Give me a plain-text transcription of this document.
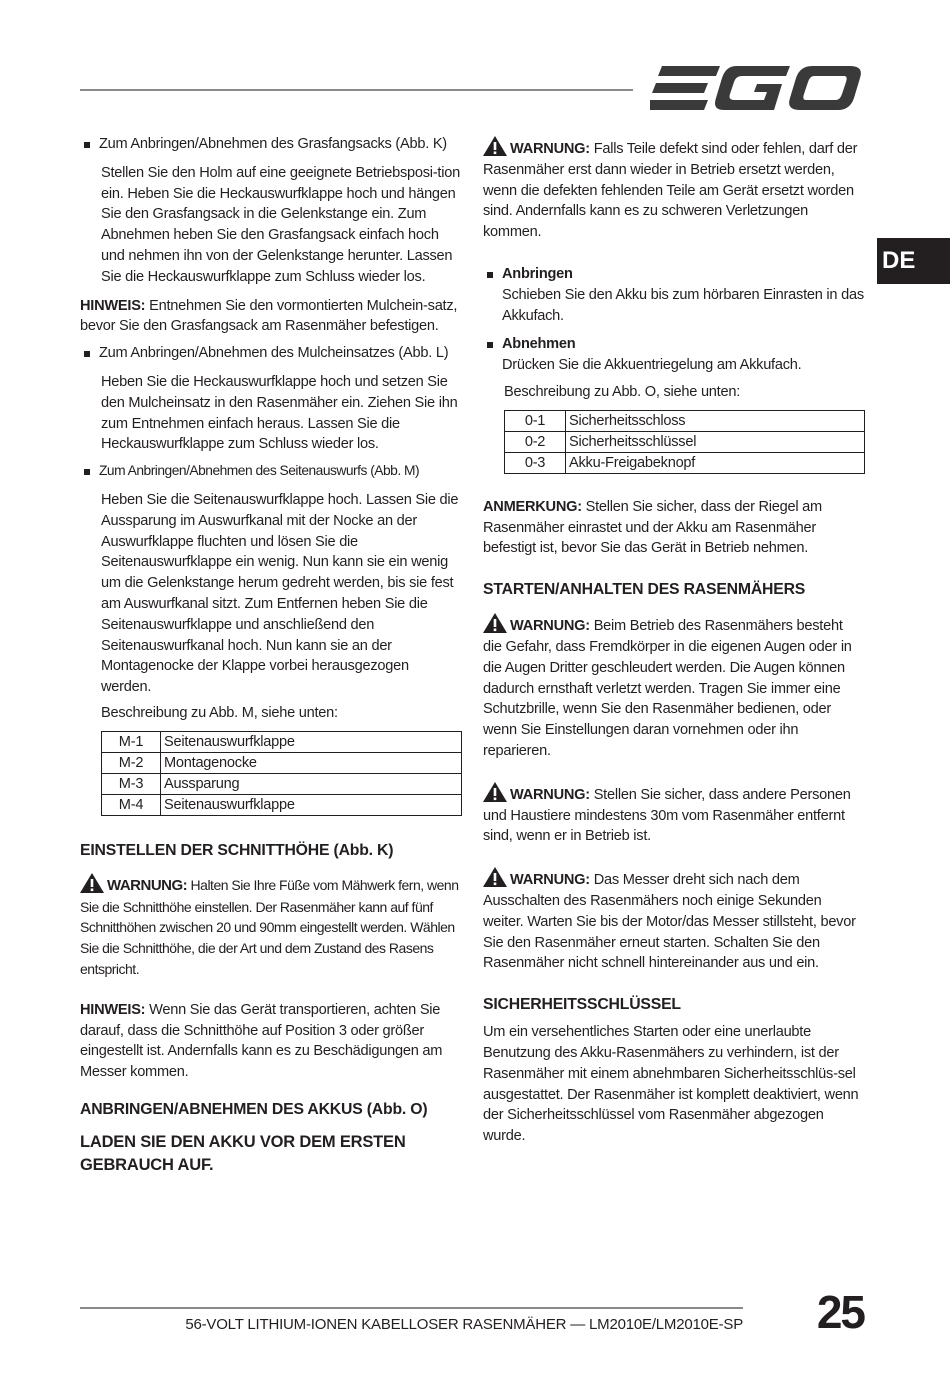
DE

Zum Anbringen/Abnehmen des Grasfangsacks (Abb. K)

Stellen Sie den Holm auf eine geeignete Betriebsposi-tion ein. Heben Sie die Heckauswurfklappe hoch und hängen Sie den Grasfangsack in die Gelenkstange ein. Zum Abnehmen heben Sie den Grasfangsack einfach hoch und nehmen ihn von der Gelenkstange herunter. Lassen Sie die Heckauswurfklappe zum Schluss wieder los.

HINWEIS: Entnehmen Sie den vormontierten Mulchein-satz, bevor Sie den Grasfangsack am Rasenmäher befestigen.

Zum Anbringen/Abnehmen des Mulcheinsatzes (Abb. L)

Heben Sie die Heckauswurfklappe hoch und setzen Sie den Mulcheinsatz in den Rasenmäher ein. Ziehen Sie ihn zum Entnehmen einfach heraus. Lassen Sie die Heckauswurfklappe zum Schluss wieder los.

Zum Anbringen/Abnehmen des Seitenauswurfs (Abb. M)

Heben Sie die Seitenauswurfklappe hoch. Lassen Sie die Aussparung im Auswurfkanal mit der Nocke an der Auswurfklappe fluchten und lösen Sie die Seitenauswurfklappe ein wenig. Nun kann sie ein wenig um die Gelenkstange herum gedreht werden, bis sie fest am Auswurfkanal sitzt. Zum Entfernen heben Sie die Seitenauswurfklappe und anschließend den Seitenauswurfkanal hoch. Nun kann sie an der Montagenocke der Klappe vorbei herausgezogen werden.

Beschreibung zu Abb. M, siehe unten:

M-1	Seitenauswurfklappe
M-2	Montagenocke
M-3	Aussparung
M-4	Seitenauswurfklappe
EINSTELLEN DER SCHNITTHÖHE (Abb. K)

WARNUNG: Halten Sie Ihre Füße vom Mähwerk fern, wenn Sie die Schnitthöhe einstellen. Der Rasenmäher kann auf fünf Schnitthöhen zwischen 20 und 90mm eingestellt werden. Wählen Sie die Schnitthöhe, die der Art und dem Zustand des Rasens entspricht.

HINWEIS: Wenn Sie das Gerät transportieren, achten Sie darauf, dass die Schnitthöhe auf Position 3 oder größer eingestellt ist. Andernfalls kann es zu Beschädigungen am Messer kommen.

ANBRINGEN/ABNEHMEN DES AKKUS (Abb. O)
LADEN SIE DEN AKKU VOR DEM ERSTEN GEBRAUCH AUF.

WARNUNG: Falls Teile defekt sind oder fehlen, darf der Rasenmäher erst dann wieder in Betrieb ersetzt werden, wenn die defekten fehlenden Teile am Gerät ersetzt worden sind. Andernfalls kann es zu schweren Verletzungen kommen.

Anbringen

Schieben Sie den Akku bis zum hörbaren Einrasten in das Akkufach.

Abnehmen

Drücken Sie die Akkuentriegelung am Akkufach.

Beschreibung zu Abb. O, siehe unten:

0-1	Sicherheitsschloss
0-2	Sicherheitsschlüssel
0-3	Akku-Freigabeknopf

ANMERKUNG: Stellen Sie sicher, dass der Riegel am Rasenmäher einrastet und der Akku am Rasenmäher befestigt ist, bevor Sie das Gerät in Betrieb nehmen.

STARTEN/ANHALTEN DES RASENMÄHERS

WARNUNG: Beim Betrieb des Rasenmähers besteht die Gefahr, dass Fremdkörper in die eigenen Augen oder in die Augen Dritter geschleudert werden. Die Augen können dadurch ernsthaft verletzt werden. Tragen Sie immer eine Schutzbrille, wenn Sie den Rasenmäher bedienen, oder wenn Sie Einstellungen daran vornehmen oder ihn reparieren.

WARNUNG: Stellen Sie sicher, dass andere Personen und Haustiere mindestens 30m vom Rasenmäher entfernt sind, wenn er in Betrieb ist.

WARNUNG: Das Messer dreht sich nach dem Ausschalten des Rasenmähers noch einige Sekunden weiter. Warten Sie bis der Motor/das Messer stillsteht, bevor Sie den Rasenmäher erneut starten. Schalten Sie den Rasenmäher nicht schnell hintereinander aus und ein.

SICHERHEITSSCHLÜSSEL

Um ein versehentliches Starten oder eine unerlaubte Benutzung des Akku-Rasenmähers zu verhindern, ist der Rasenmäher mit einem abnehmbaren Sicherheitsschlüs-sel ausgestattet. Der Rasenmäher ist komplett deaktiviert, wenn der Sicherheitsschlüssel vom Rasenmäher abgezogen wurde.

56-VOLT LITHIUM-IONEN KABELLOSER RASENMÄHER — LM2010E/LM2010E-SP	25
